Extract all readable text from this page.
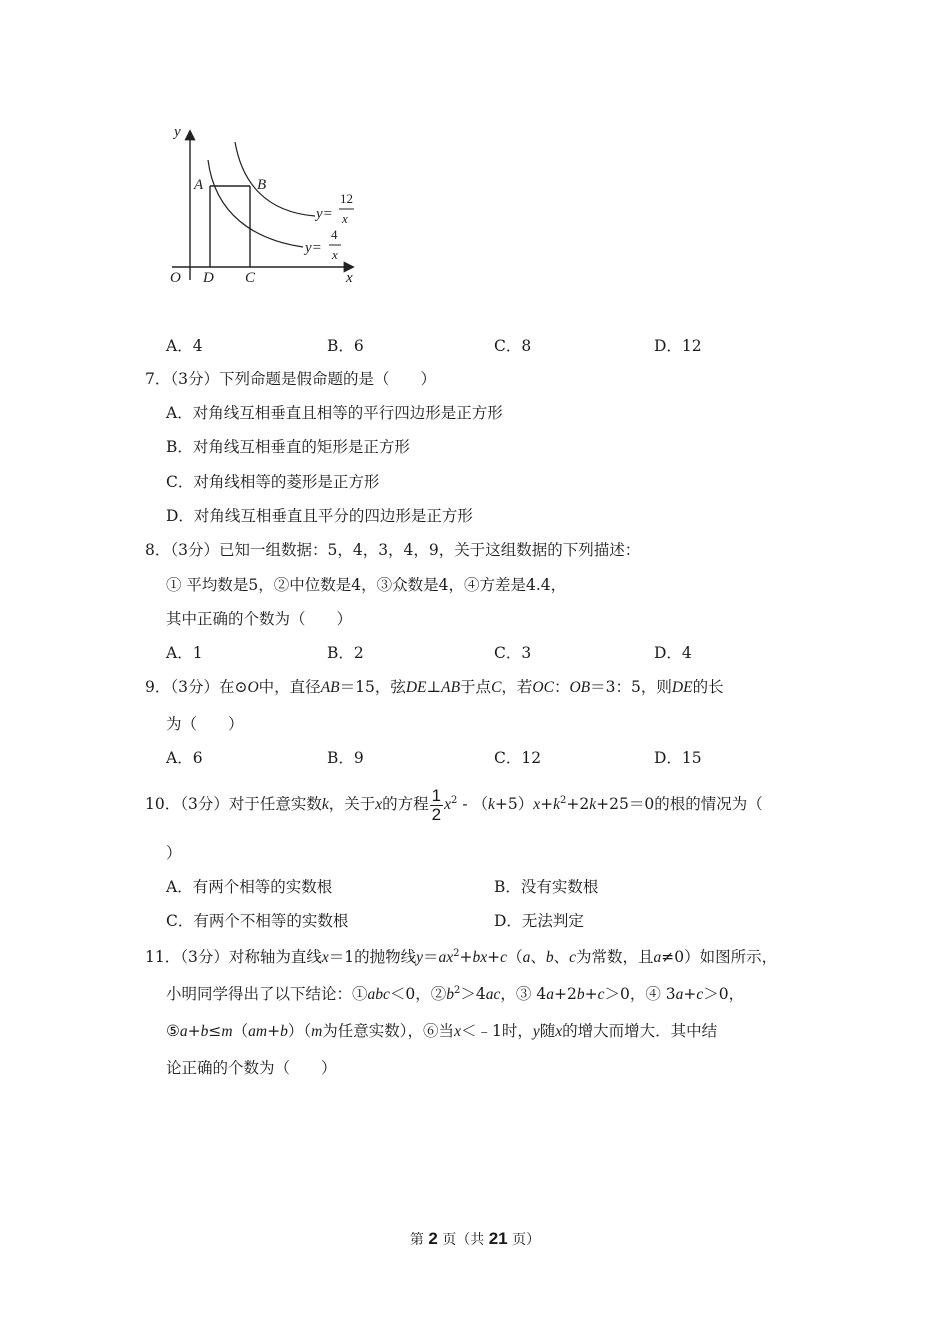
y
x
O
A	B
D C
y=
12
x
y=
4
x
A．4	B．6	C．8	D．12
7．（3分）下列命题是假命题的是（　　）
A．对角线互相垂直且相等的平行四边形是正方形
B．对角线互相垂直的矩形是正方形
C．对角线相等的菱形是正方形
D．对角线互相垂直且平分的四边形是正方形
8．（3分）已知一组数据：5，4，3，4，9，关于这组数据的下列描述：
① 平均数是5，②中位数是4，③众数是4，④方差是4.4，
其中正确的个数为（　　）
A．1	B．2	C．3	D．4
9．（3分）在⊙O中，直径AB＝15，弦DE⊥AB于点C，若OC：OB＝3：5，则DE的长
为（　　）
A．6	B．9	C．12	D．15
10．（3分）对于任意实数k，关于x的方程 $\frac{1}{2} x^2 - (k+5)x+k^2+2k+25=0$的根的情况为（
）
A．有两个相等的实数根	B．没有实数根
C．有两个不相等的实数根	D．无法判定
11．（3分）对称轴为直线x＝1的抛物线$y=ax^2+bx+c(a$、b、c为常数，且a≠0）如图所示，
小明同学得出了以下结论：①abc＜0，$②b^2>4ac$，③ 4a+2b+c＞0，④ 3a+c＞0，
⑤a+b≤m（am+b）（m为任意实数），⑥当x＜﹣1时，y随x的增大而增大．其中结
论正确的个数为（　　）
第 2 页（共 21 页）
